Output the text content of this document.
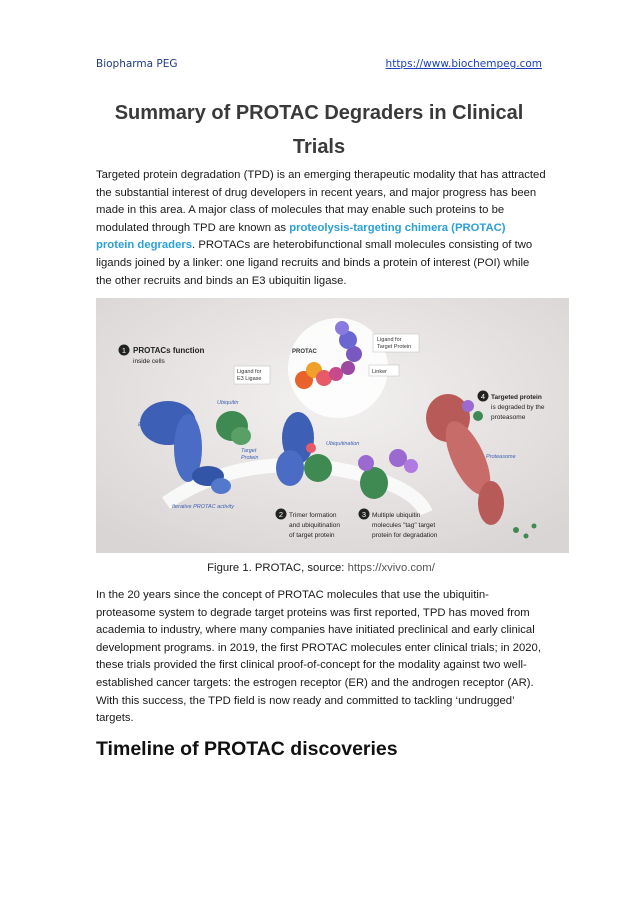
Biopharma PEG	https://www.biochempeg.com
Summary of PROTAC Degraders in Clinical Trials
Targeted protein degradation (TPD) is an emerging therapeutic modality that has attracted the substantial interest of drug developers in recent years, and major progress has been made in this area. A major class of molecules that may enable such proteins to be modulated through TPD are known as proteolysis-targeting chimera (PROTAC) protein degraders. PROTACs are heterobifunctional small molecules consisting of two ligands joined by a linker: one ligand recruits and binds a protein of interest (POI) while the other recruits and binds an E3 ubiquitin ligase.
1 PROTACs function
inside cells
PROTAC
Ligand for
Target Protein
Ligand for
E3 Ligase
Linker
Ubiquitin
E3 Ligase
Target
Protein
Ubiquitination
Proteasome
Iterative PROTAC activity
2 Trimer formation
and ubiquitination
of target protein
3 Multiple ubiquitin
molecules "tag" target
protein for degradation
4 Targeted protein
is degraded by the
proteasome
Figure 1. PROTAC, source: https://xvivo.com/
In the 20 years since the concept of PROTAC molecules that use the ubiquitin-proteasome system to degrade target proteins was first reported, TPD has moved from academia to industry, where many companies have initiated preclinical and early clinical development programs. in 2019, the first PROTAC molecules enter clinical trials; in 2020, these trials provided the first clinical proof-of-concept for the modality against two well-established cancer targets: the estrogen receptor (ER) and the androgen receptor (AR). With this success, the TPD field is now ready and committed to tackling ‘undrugged’ targets.
Timeline of PROTAC discoveries
